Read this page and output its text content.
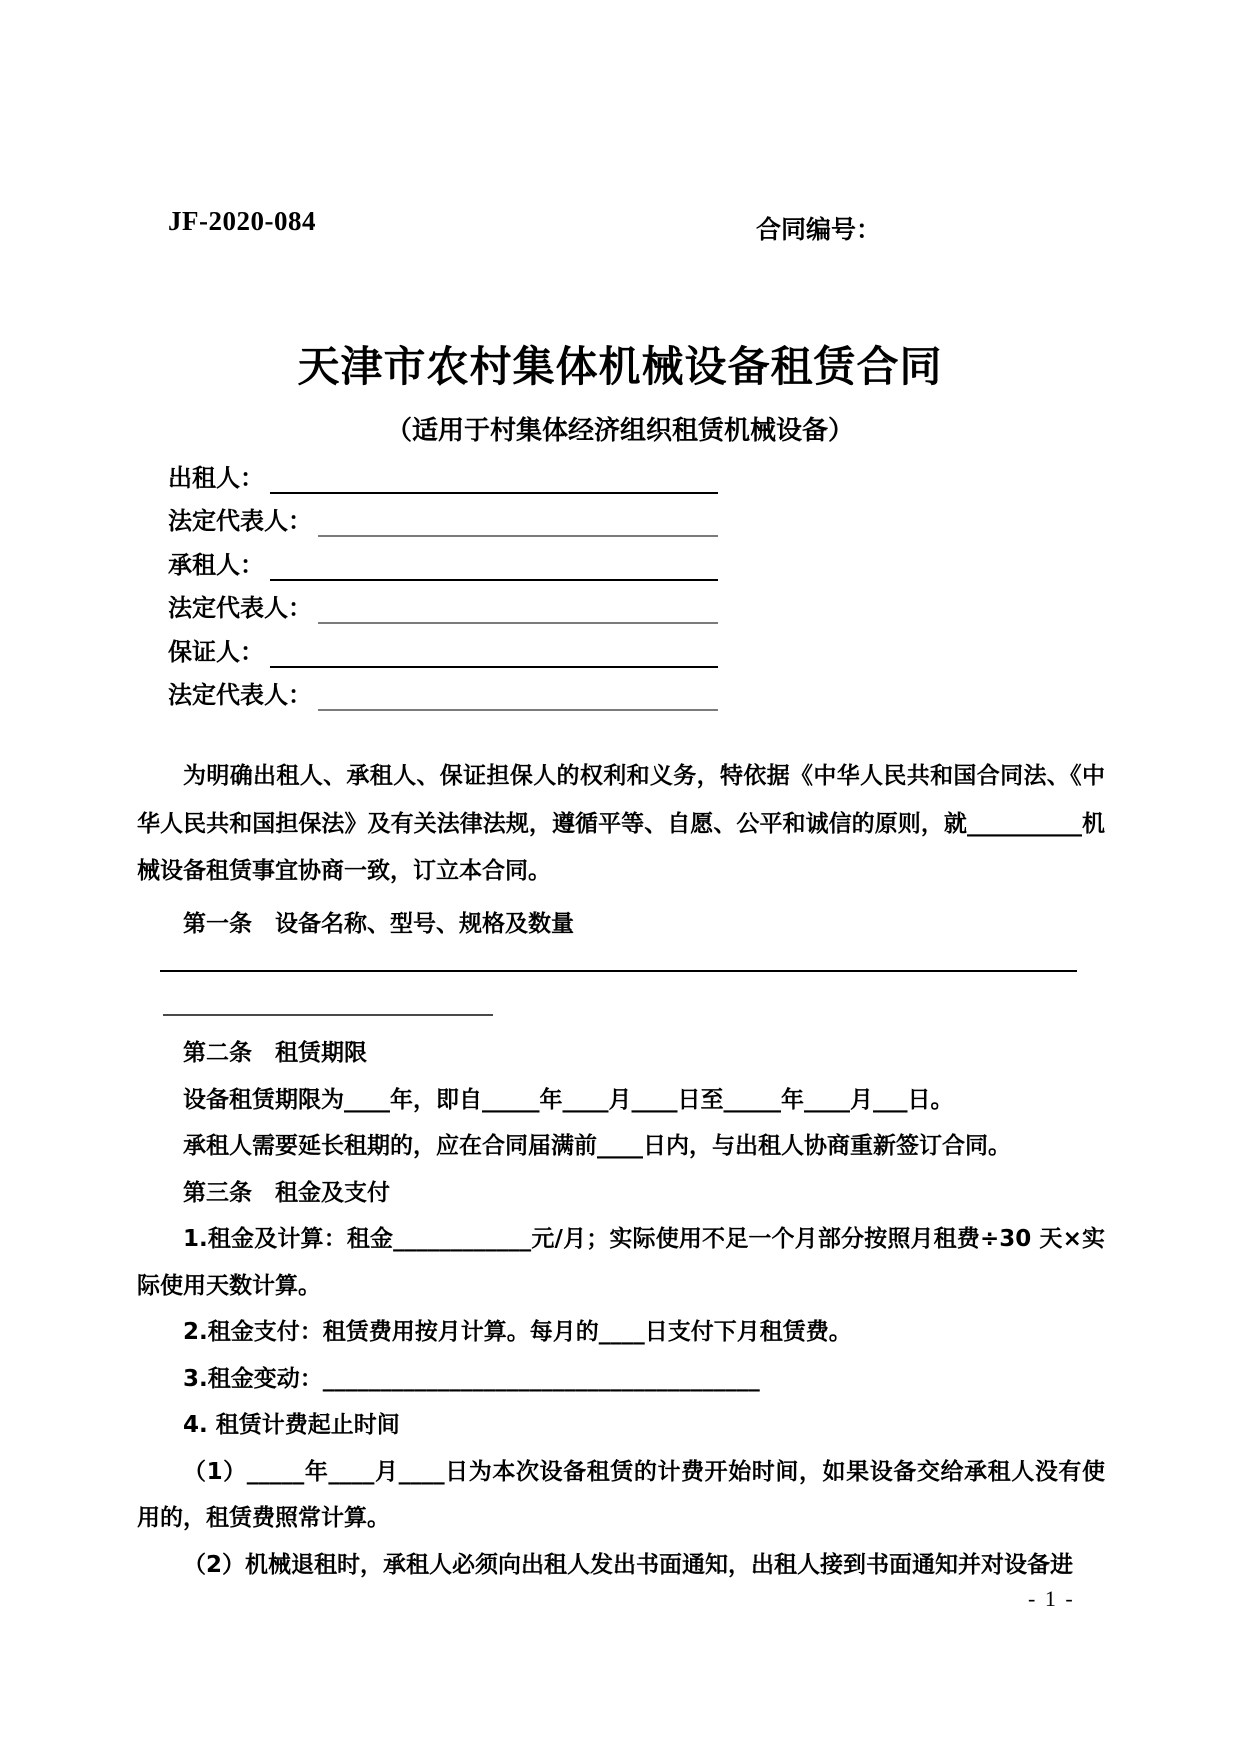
JF-2020-084	合同编号：
天津市农村集体机械设备租赁合同
（适用于村集体经济组织租赁机械设备）
出租人：
法定代表人：
承租人：
法定代表人：
保证人：
法定代表人：

为明确出租人、承租人、保证担保人的权利和义务，特依据《中华人民共和国合同法、《中华人民共和国担保法》及有关法律法规，遵循平等、自愿、公平和诚信的原则，就__________机械设备租赁事宜协商一致，订立本合同。

第一条　设备名称、型号、规格及数量
第二条　租赁期限
设备租赁期限为____年，即自_____年____月____日至_____年____月___日。
承租人需要延长租期的，应在合同届满前____日内，与出租人协商重新签订合同。
第三条　租金及支付
1.租金及计算：租金____________元/月；实际使用不足一个月部分按照月租费÷30 天×实际使用天数计算。
2.租金支付：租赁费用按月计算。每月的____日支付下月租赁费。
3.租金变动：______________________________________
4. 租赁计费起止时间
（1）_____年____月____日为本次设备租赁的计费开始时间，如果设备交给承租人没有使用的，租赁费照常计算。
（2）机械退租时，承租人必须向出租人发出书面通知，出租人接到书面通知并对设备进
- 1 -
